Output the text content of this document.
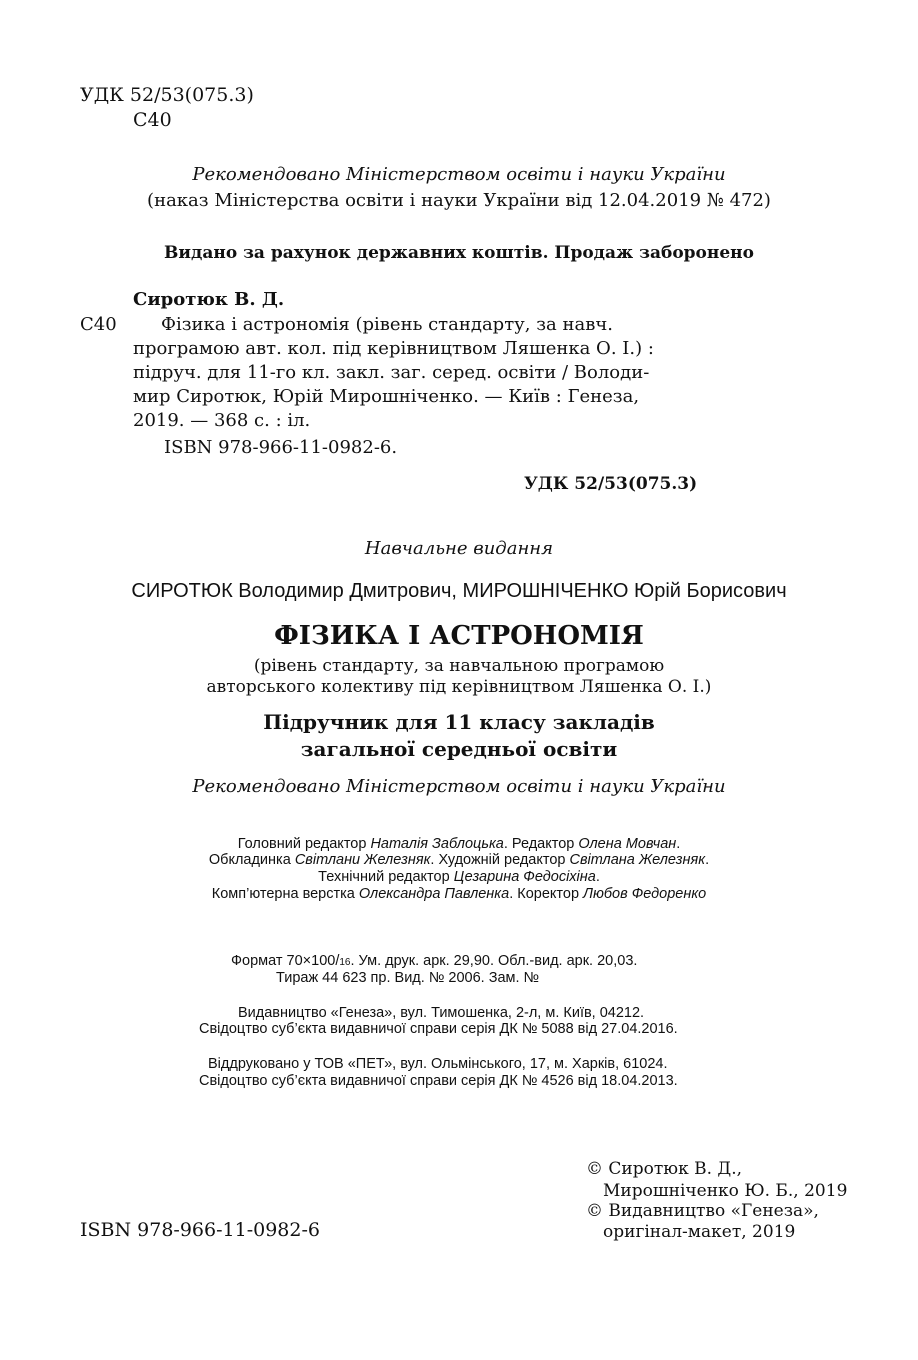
УДК 52/53(075.3)
С40
Рекомендовано Міністерством освіти і науки України
(наказ Міністерства освіти і науки України від 12.04.2019 № 472)
Видано за рахунок державних коштів. Продаж заборонено
Сиротюк В. Д.
С40 Фізика і астрономія (рівень стандарту, за навч.
програмою авт. кол. під керівництвом Ляшенка О. І.) :
підруч. для 11-го кл. закл. заг. серед. освіти / Володи-
мир Сиротюк, Юрій Мирошніченко. — Київ : Генеза,
2019. — 368 с. : іл.
ISBN 978-966-11-0982-6.
УДК 52/53(075.3)
Навчальне видання
СИРОТЮК Володимир Дмитрович, МИРОШНІЧЕНКО Юрій Борисович
ФІЗИКА І АСТРОНОМІЯ
(рівень стандарту, за навчальною програмою
авторського колективу під керівництвом Ляшенка О. І.)
Підручник для 11 класу закладів
загальної середньої освіти
Рекомендовано Міністерством освіти і науки України
Головний редактор Наталія Заблоцька. Редактор Олена Мовчан.
Обкладинка Світлани Железняк. Художній редактор Світлана Железняк.
Технічний редактор Цезарина Федосіхіна.
Комп’ютерна верстка Олександра Павленка. Коректор Любов Федоренко
Формат 70×100/16. Ум. друк. арк. 29,90. Обл.-вид. арк. 20,03.
Тираж 44 623 пр. Вид. № 2006. Зам. №
Видавництво «Генеза», вул. Тимошенка, 2-л, м. Київ, 04212.
Свідоцтво суб’єкта видавничої справи серія ДК № 5088 від 27.04.2016.
Віддруковано у ТОВ «ПЕТ», вул. Ольмінського, 17, м. Харків, 61024.
Свідоцтво суб’єкта видавничої справи серія ДК № 4526 від 18.04.2013.
ISBN 978-966-11-0982-6
© Сиротюк В. Д.,
Мирошніченко Ю. Б., 2019
© Видавництво «Генеза»,
оригінал-макет, 2019
